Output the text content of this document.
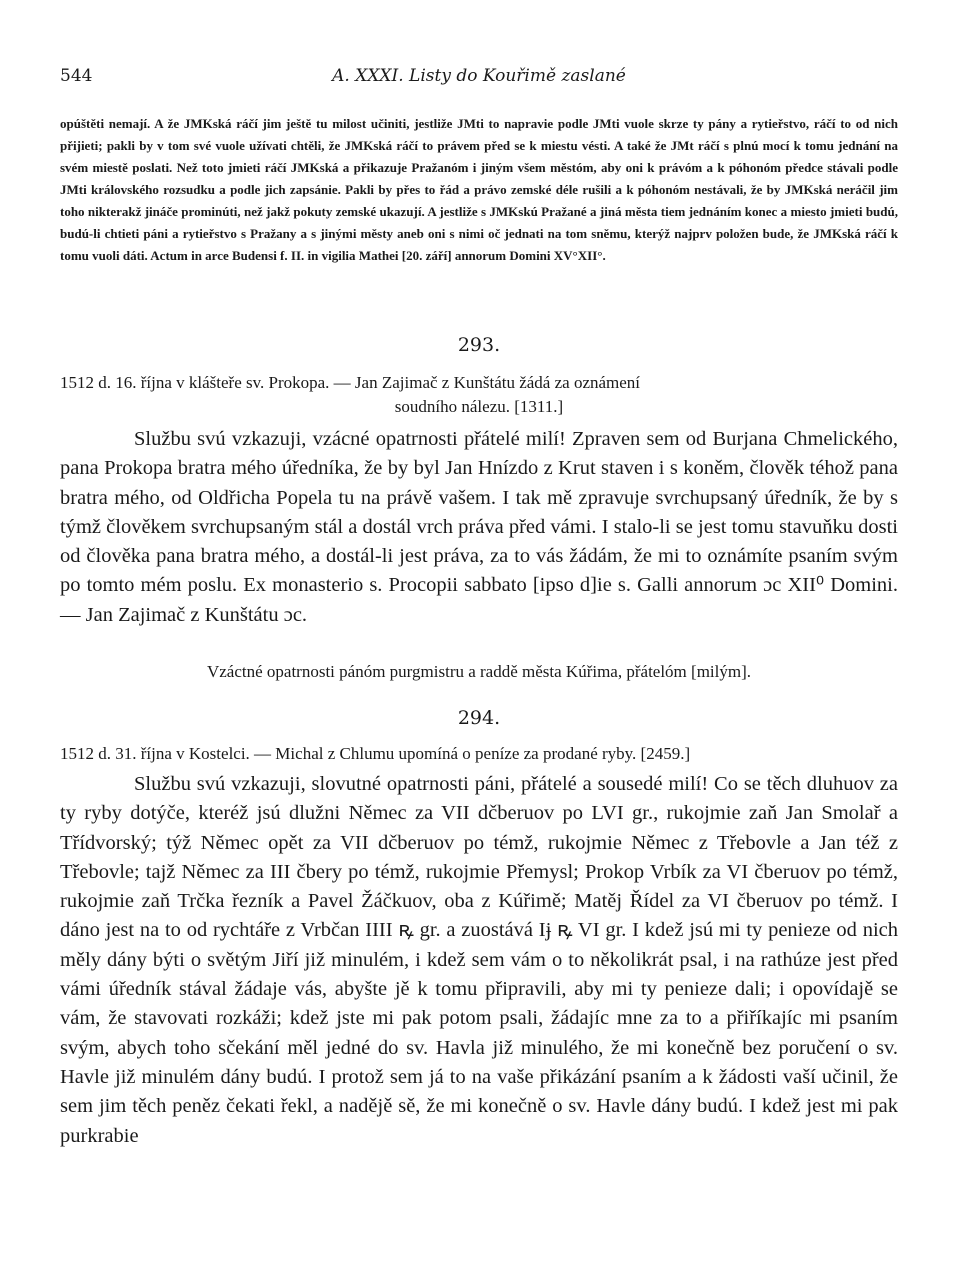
544	A. XXXI. Listy do Kouřimě zaslané

opúštěti nemají. A že JMKská ráčí jim ještě tu milost učiniti, jestliže JMti to napravie podle JMti vuole skrze ty pány a rytieřstvo, ráčí to od nich přijieti; pakli by v tom své vuole užívati chtěli, že JMKská ráčí to právem před se k miestu vésti. A také že JMt ráčí s plnú mocí k tomu jednání na svém miestě poslati. Než toto jmieti ráčí JMKská a přikazuje Pražanóm i jiným všem městóm, aby oni k právóm a k póhonóm předce stávali podle JMti královského rozsudku a podle jich zapsánie. Pakli by přes to řád a právo zemské déle rušili a k póhonóm nestávali, že by JMKská neráčil jim toho nikterakž jináče prominúti, než jakž pokuty zemské ukazují. A jestliže s JMKskú Pražané a jiná města tiem jednáním konec a miesto jmieti budú, budú-li chtieti páni a rytieřstvo s Pražany a s jinými městy aneb oni s nimi oč jednati na tom sněmu, kterýž najprv položen bude, že JMKská ráčí k tomu vuoli dáti. Actum in arce Budensi f. II. in vigilia Mathei [20. září] annorum Domini XV°XII°.

293.
1512 d. 16. října v klášteře sv. Prokopa. — Jan Zajimač z Kunštátu žádá za oznámení
soudního nálezu. [1311.]

Službu svú vzkazuji, vzácné opatrnosti přátelé milí! Zpraven sem od Burjana Chmelického, pana Prokopa bratra mého úředníka, že by byl Jan Hnízdo z Krut staven i s koněm, člověk téhož pana bratra mého, od Oldřicha Popela tu na právě vašem. I tak mě zpravuje svrchupsaný úředník, že by s týmž člověkem svrchupsaným stál a dostál vrch práva před vámi. I stalo-li se jest tomu stavuňku dosti od člověka pana bratra mého, a dostál-li jest práva, za to vás žádám, že mi to oznámíte psaním svým po tomto mém poslu. Ex monasterio s. Procopii sabbato [ipso d]ie s. Galli annorum ɔc XII⁰ Domini. — Jan Zajimač z Kunštátu ɔc.

Vzáctné opatrnosti pánóm purgmistru a raddě města Kúřima, přátelóm [milým].
294.
1512 d. 31. října v Kostelci. — Michal z Chlumu upomíná o peníze za prodané ryby. [2459.]

Službu svú vzkazuji, slovutné opatrnosti páni, přátelé a sousedé milí! Co se těch dluhuov za ty ryby dotýče, kteréž jsú dlužni Němec za VII dčberuov po LVI gr., rukojmie zaň Jan Smolař a Třídvorský; týž Němec opět za VII dčberuov po témž, rukojmie Němec z Třebovle a Jan též z Třebovle; tajž Němec za III čbery po témž, rukojmie Přemysl; Prokop Vrbík za VI čberuov po témž, rukojmie zaň Trčka řezník a Pavel Žáčkuov, oba z Kúřimě; Matěj Řídel za VI čberuov po témž. I dáno jest na to od rychtáře z Vrbčan IIII ꝶ gr. a zuostává Iɉ ꝶ VI gr. I kdež jsú mi ty penieze od nich měly dány býti o světým Jiří již minulém, i kdež sem vám o to několikrát psal, i na rathúze jest před vámi úředník stával žádaje vás, abyšte jě k tomu připravili, aby mi ty penieze dali; i opovídajě se vám, že stavovati rozkáži; kdež jste mi pak potom psali, žádajíc mne za to a přiříkajíc mi psaním svým, abych toho sčekání měl jedné do sv. Havla již minulého, že mi konečně bez poručení o sv. Havle již minulém dány budú. I protož sem já to na vaše přikázání psaním a k žádosti vaší učinil, že sem jim těch peněz čekati řekl, a nadějě sě, že mi konečně o sv. Havle dány budú. I kdež jest mi pak purkrabie
